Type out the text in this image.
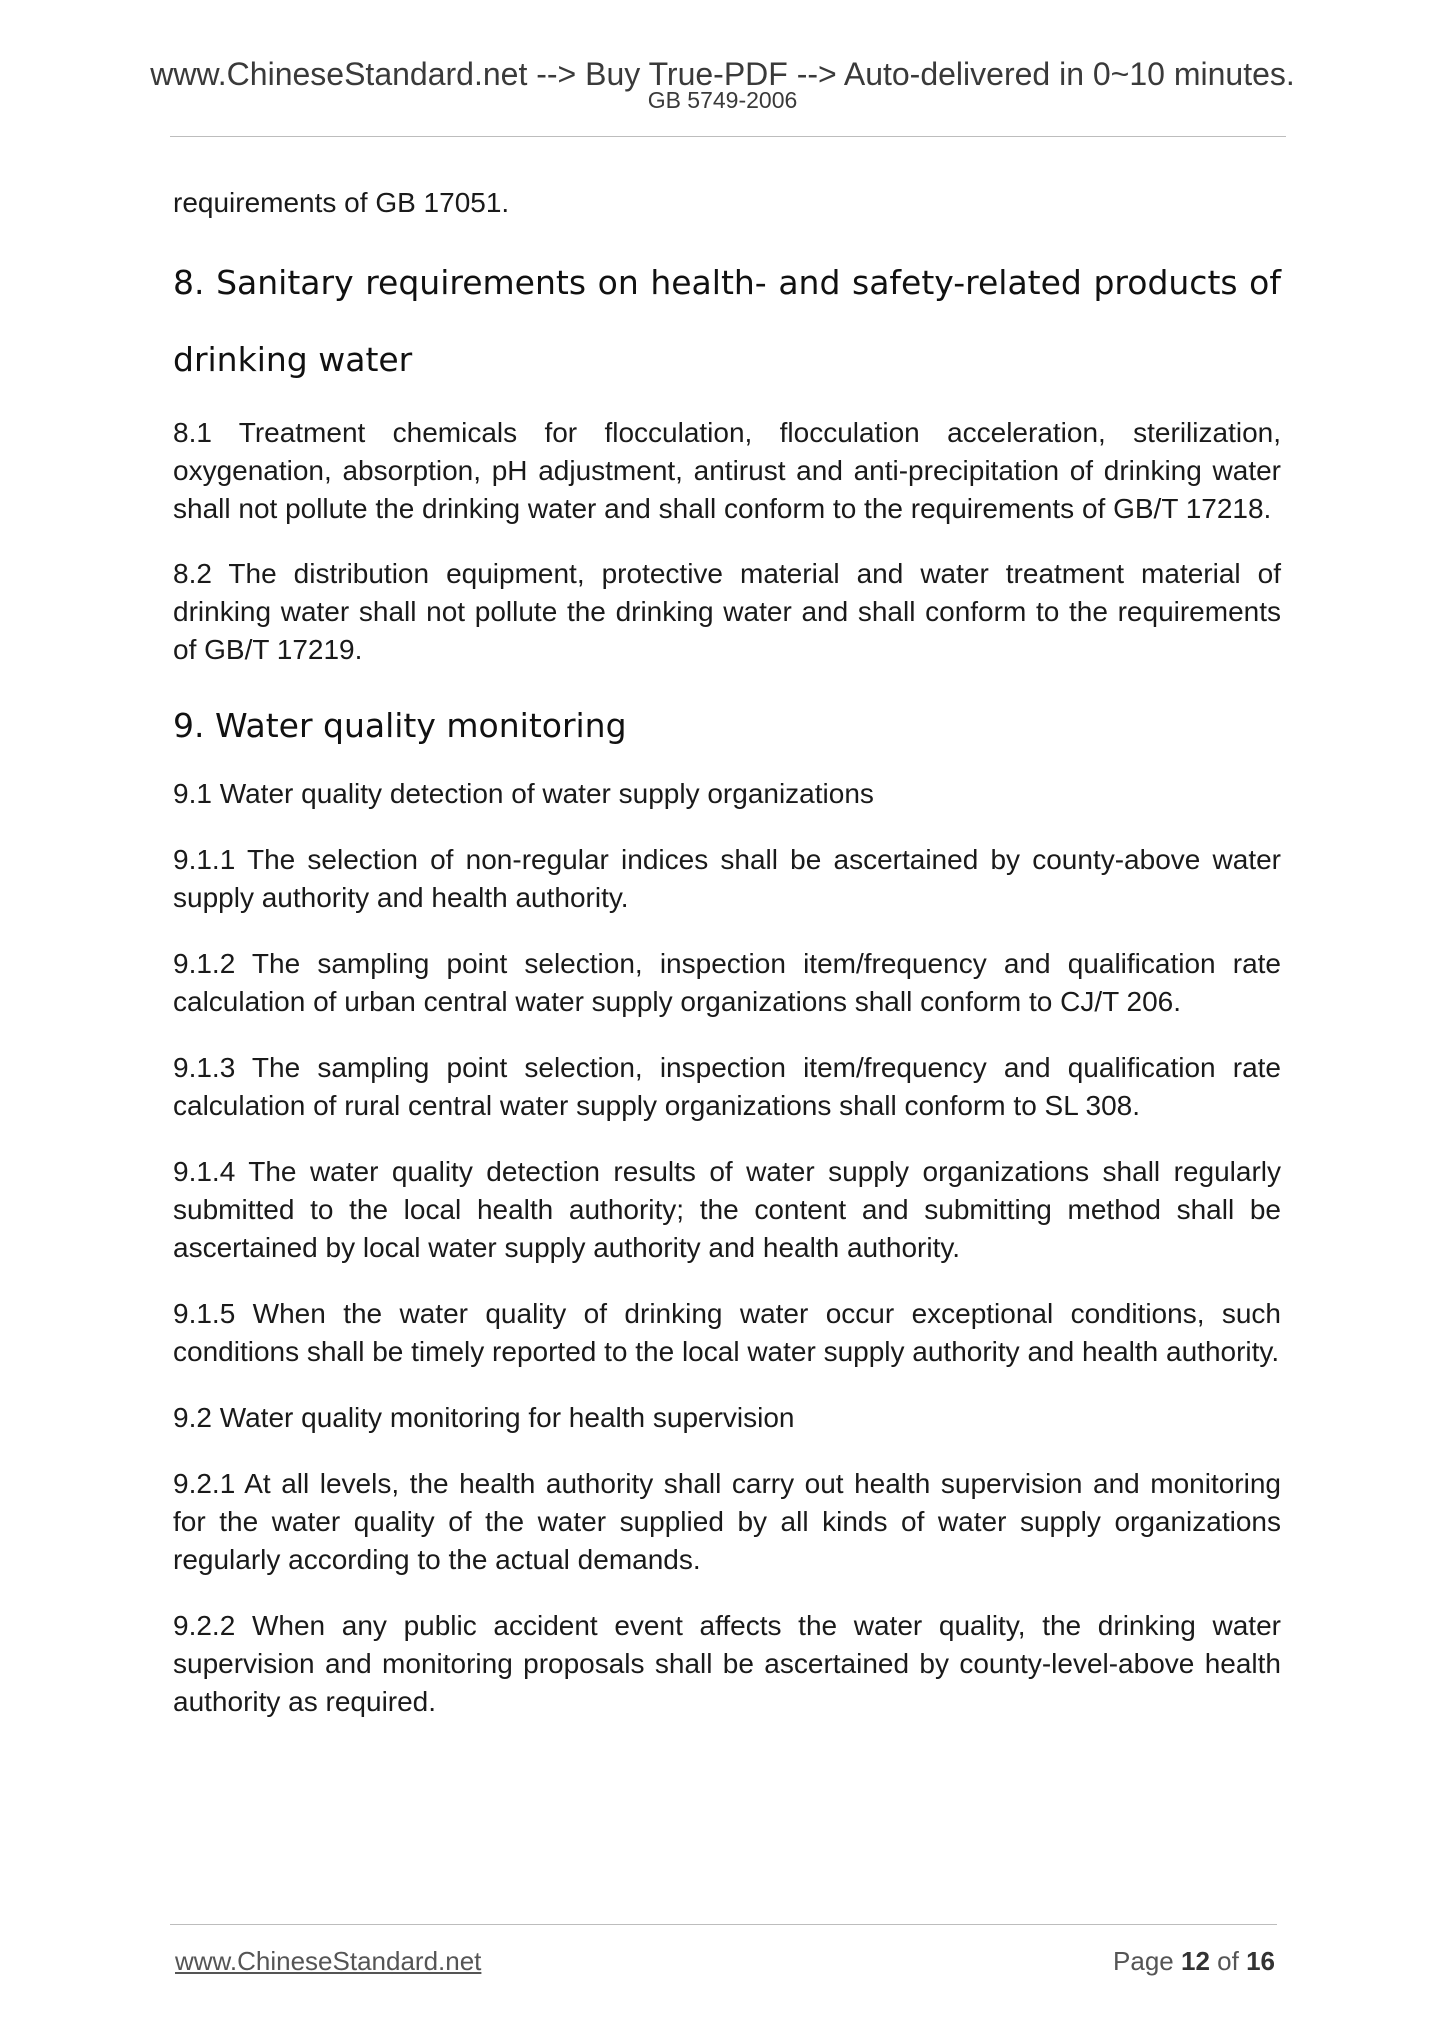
www.ChineseStandard.net --> Buy True-PDF --> Auto-delivered in 0~10 minutes.
GB 5749-2006

requirements of GB 17051.

8. Sanitary requirements on health- and safety-related products of drinking water

8.1 Treatment chemicals for flocculation, flocculation acceleration, sterilization, oxygenation, absorption, pH adjustment, antirust and anti-precipitation of drinking water shall not pollute the drinking water and shall conform to the requirements of GB/T 17218.

8.2 The distribution equipment, protective material and water treatment material of drinking water shall not pollute the drinking water and shall conform to the requirements of GB/T 17219.

9. Water quality monitoring

9.1 Water quality detection of water supply organizations

9.1.1 The selection of non-regular indices shall be ascertained by county-above water supply authority and health authority.

9.1.2 The sampling point selection, inspection item/frequency and qualification rate calculation of urban central water supply organizations shall conform to CJ/T 206.

9.1.3 The sampling point selection, inspection item/frequency and qualification rate calculation of rural central water supply organizations shall conform to SL 308.

9.1.4 The water quality detection results of water supply organizations shall regularly submitted to the local health authority; the content and submitting method shall be ascertained by local water supply authority and health authority.

9.1.5 When the water quality of drinking water occur exceptional conditions, such conditions shall be timely reported to the local water supply authority and health authority.

9.2 Water quality monitoring for health supervision

9.2.1 At all levels, the health authority shall carry out health supervision and monitoring for the water quality of the water supplied by all kinds of water supply organizations regularly according to the actual demands.

9.2.2 When any public accident event affects the water quality, the drinking water supervision and monitoring proposals shall be ascertained by county-level-above health authority as required.

www.ChineseStandard.net	Page 12 of 16
